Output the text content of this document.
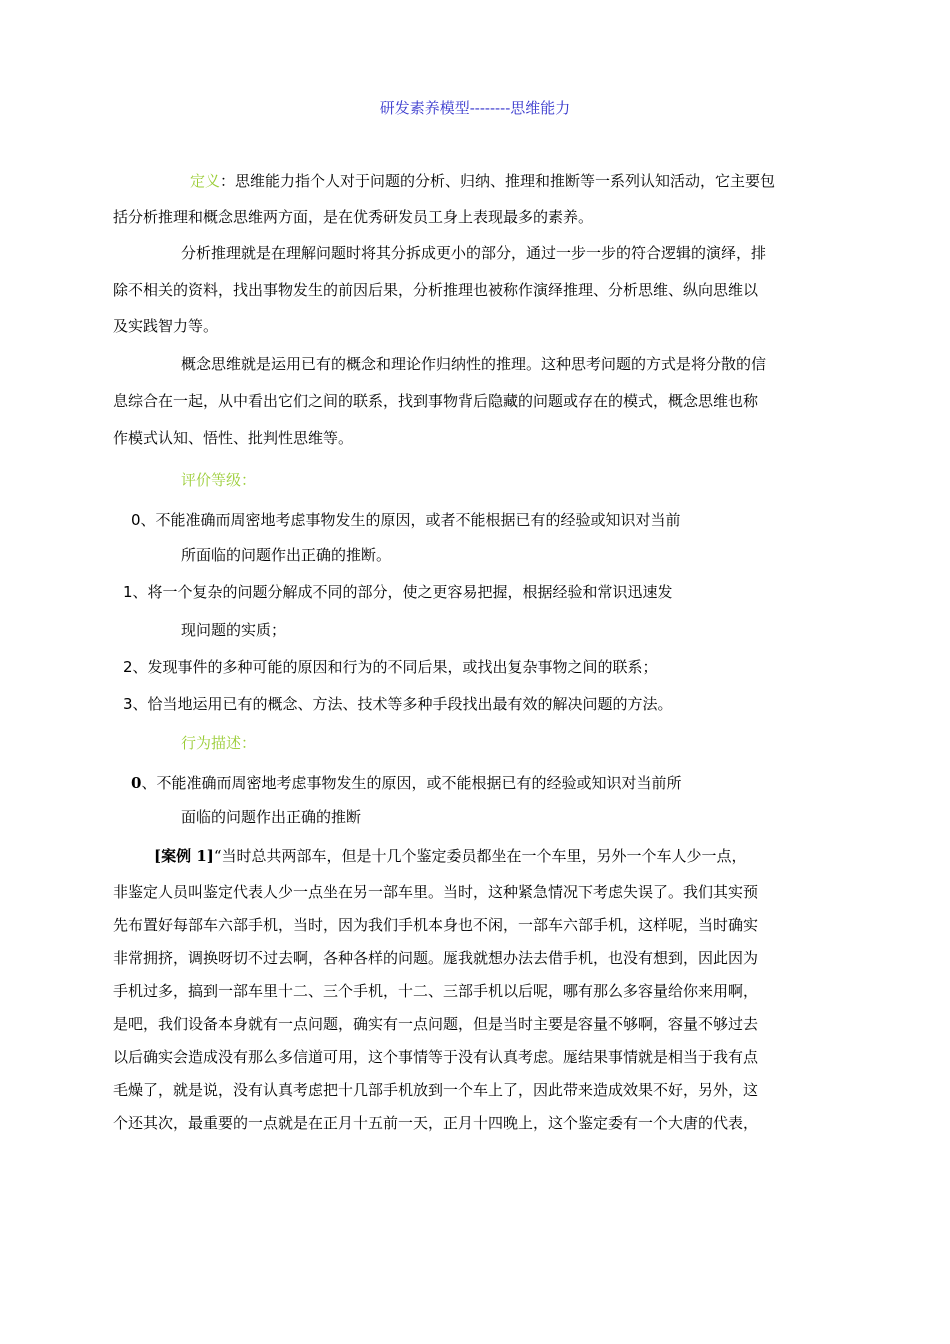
研发素养模型--------思维能力
定义：思维能力指个人对于问题的分析、归纳、推理和推断等一系列认知活动，它主要包
括分析推理和概念思维两方面，是在优秀研发员工身上表现最多的素养。
分析推理就是在理解问题时将其分拆成更小的部分，通过一步一步的符合逻辑的演绎，排
除不相关的资料，找出事物发生的前因后果，分析推理也被称作演绎推理、分析思维、纵向思维以
及实践智力等。
概念思维就是运用已有的概念和理论作归纳性的推理。这种思考问题的方式是将分散的信
息综合在一起，从中看出它们之间的联系，找到事物背后隐藏的问题或存在的模式，概念思维也称
作模式认知、悟性、批判性思维等。
评价等级：
0、不能准确而周密地考虑事物发生的原因，或者不能根据已有的经验或知识对当前
所面临的问题作出正确的推断。
1、将一个复杂的问题分解成不同的部分，使之更容易把握，根据经验和常识迅速发
现问题的实质；
2、发现事件的多种可能的原因和行为的不同后果，或找出复杂事物之间的联系；
3、恰当地运用已有的概念、方法、技术等多种手段找出最有效的解决问题的方法。
行为描述：
0、不能准确而周密地考虑事物发生的原因，或不能根据已有的经验或知识对当前所
面临的问题作出正确的推断
[案例 1]“当时总共两部车，但是十几个鉴定委员都坐在一个车里，另外一个车人少一点，
非鉴定人员叫鉴定代表人少一点坐在另一部车里。当时，这种紧急情况下考虑失误了。我们其实预
先布置好每部车六部手机，当时，因为我们手机本身也不闲，一部车六部手机，这样呢，当时确实
非常拥挤，调换呀切不过去啊，各种各样的问题。厖我就想办法去借手机，也没有想到，因此因为
手机过多，搞到一部车里十二、三个手机，十二、三部手机以后呢，哪有那么多容量给你来用啊，
是吧，我们设备本身就有一点问题，确实有一点问题，但是当时主要是容量不够啊，容量不够过去
以后确实会造成没有那么多信道可用，这个事情等于没有认真考虑。厖结果事情就是相当于我有点
毛燥了，就是说，没有认真考虑把十几部手机放到一个车上了，因此带来造成效果不好，另外，这
个还其次，最重要的一点就是在正月十五前一天，正月十四晚上，这个鉴定委有一个大唐的代表，
